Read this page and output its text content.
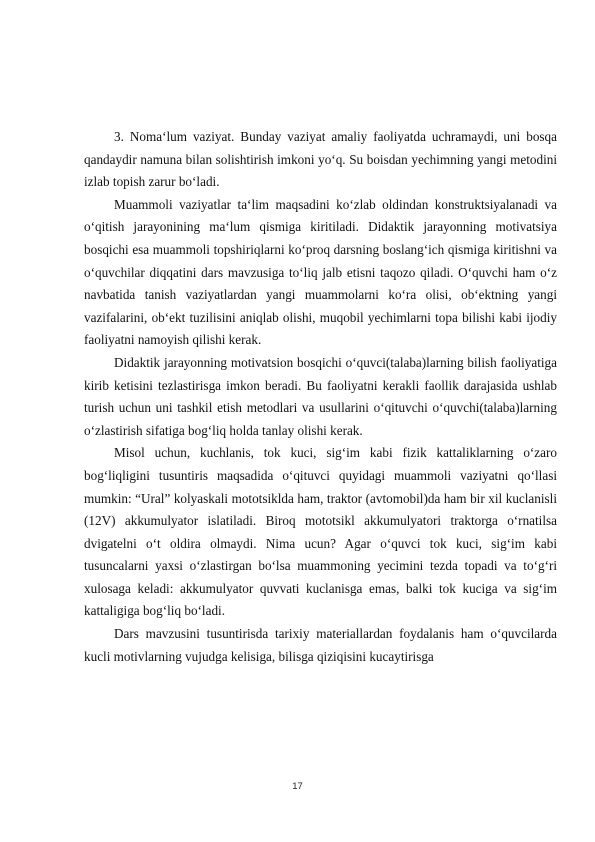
3. Noma‘lum vaziyat. Bunday vaziyat amaliy faoliyatda uchramaydi, uni bosqa qandaydir namuna bilan solishtirish imkoni yo‘q. Su boisdan yechimning yangi metodini izlab topish zarur bo‘ladi.

Muammoli vaziyatlar ta‘lim maqsadini ko‘zlab oldindan konstruktsiyalanadi va o‘qitish jarayonining ma‘lum qismiga kiritiladi. Didaktik jarayonning motivatsiya bosqichi esa muammoli topshiriqlarni ko‘proq darsning boslang‘ich qismiga kiritishni va o‘quvchilar diqqatini dars mavzusiga to‘liq jalb etisni taqozo qiladi. O‘quvchi ham o‘z navbatida tanish vaziyatlardan yangi muammolarni ko‘ra olisi, ob‘ektning yangi vazifalarini, ob‘ekt tuzilisini aniqlab olishi, muqobil yechimlarni topa bilishi kabi ijodiy faoliyatni namoyish qilishi kerak.

Didaktik jarayonning motivatsion bosqichi o‘quvci(talaba)larning bilish faoliyatiga kirib ketisini tezlastirisga imkon beradi. Bu faoliyatni kerakli faollik darajasida ushlab turish uchun uni tashkil etish metodlari va usullarini o‘qituvchi o‘quvchi(talaba)larning o‘zlastirish sifatiga bog‘liq holda tanlay olishi kerak.

Misol uchun, kuchlanis, tok kuci, sig‘im kabi fizik kattaliklarning o‘zaro bog‘liqligini tusuntiris maqsadida o‘qituvci quyidagi muammoli vaziyatni qo‘llasi mumkin: “Ural” kolyaskali mototsiklda ham, traktor (avtomobil)da ham bir xil kuclanisli (12V) akkumulyator islatiladi. Biroq mototsikl akkumulyatori traktorga o‘rnatilsa dvigatelni o‘t oldira olmaydi. Nima ucun? Agar o‘quvci tok kuci, sig‘im kabi tusuncalarni yaxsi o‘zlastirgan bo‘lsa muammoning yecimini tezda topadi va to‘g‘ri xulosaga keladi: akkumulyator quvvati kuclanisga emas, balki tok kuciga va sig‘im kattaligiga bog‘liq bo‘ladi.

Dars mavzusini tusuntirisda tarixiy materiallardan foydalanis ham o‘quvcilarda kucli motivlarning vujudga kelisiga, bilisga qiziqisini kucaytirisga

17
